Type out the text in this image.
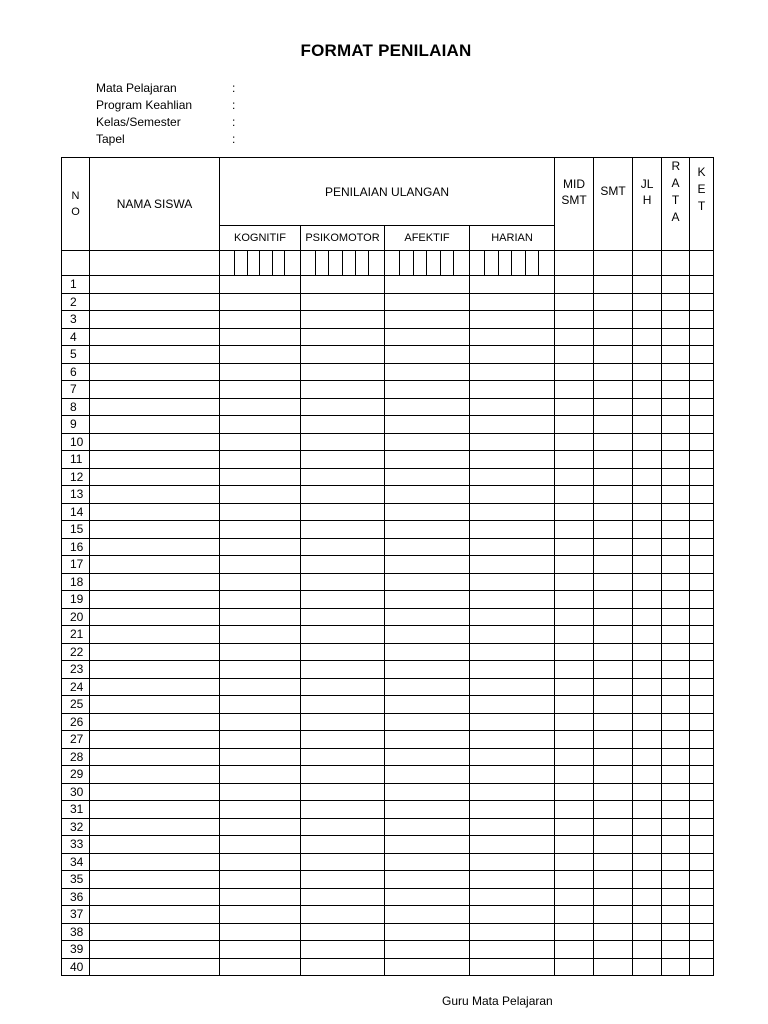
FORMAT PENILAIAN
Mata Pelajaran	:
Program Keahlian	:
Kelas/Semester	:
Tapel	:
N O	NAMA SISWA	PENILAIAN ULANGAN				MID SMT	SMT	JL H	R A T A	K E T
		KOGNITIF	PSIKOMOTOR	AFEKTIF	HARIAN					

1										
2										
3										
4										
5										
6										
7										
8										
9										
10										
11										
12										
13										
14										
15										
16										
17										
18										
19										
20										
21										
22										
23										
24										
25										
26										
27										
28										
29										
30										
31										
32										
33										
34										
35										
36										
37										
38										
39										
40										
Guru Mata Pelajaran
